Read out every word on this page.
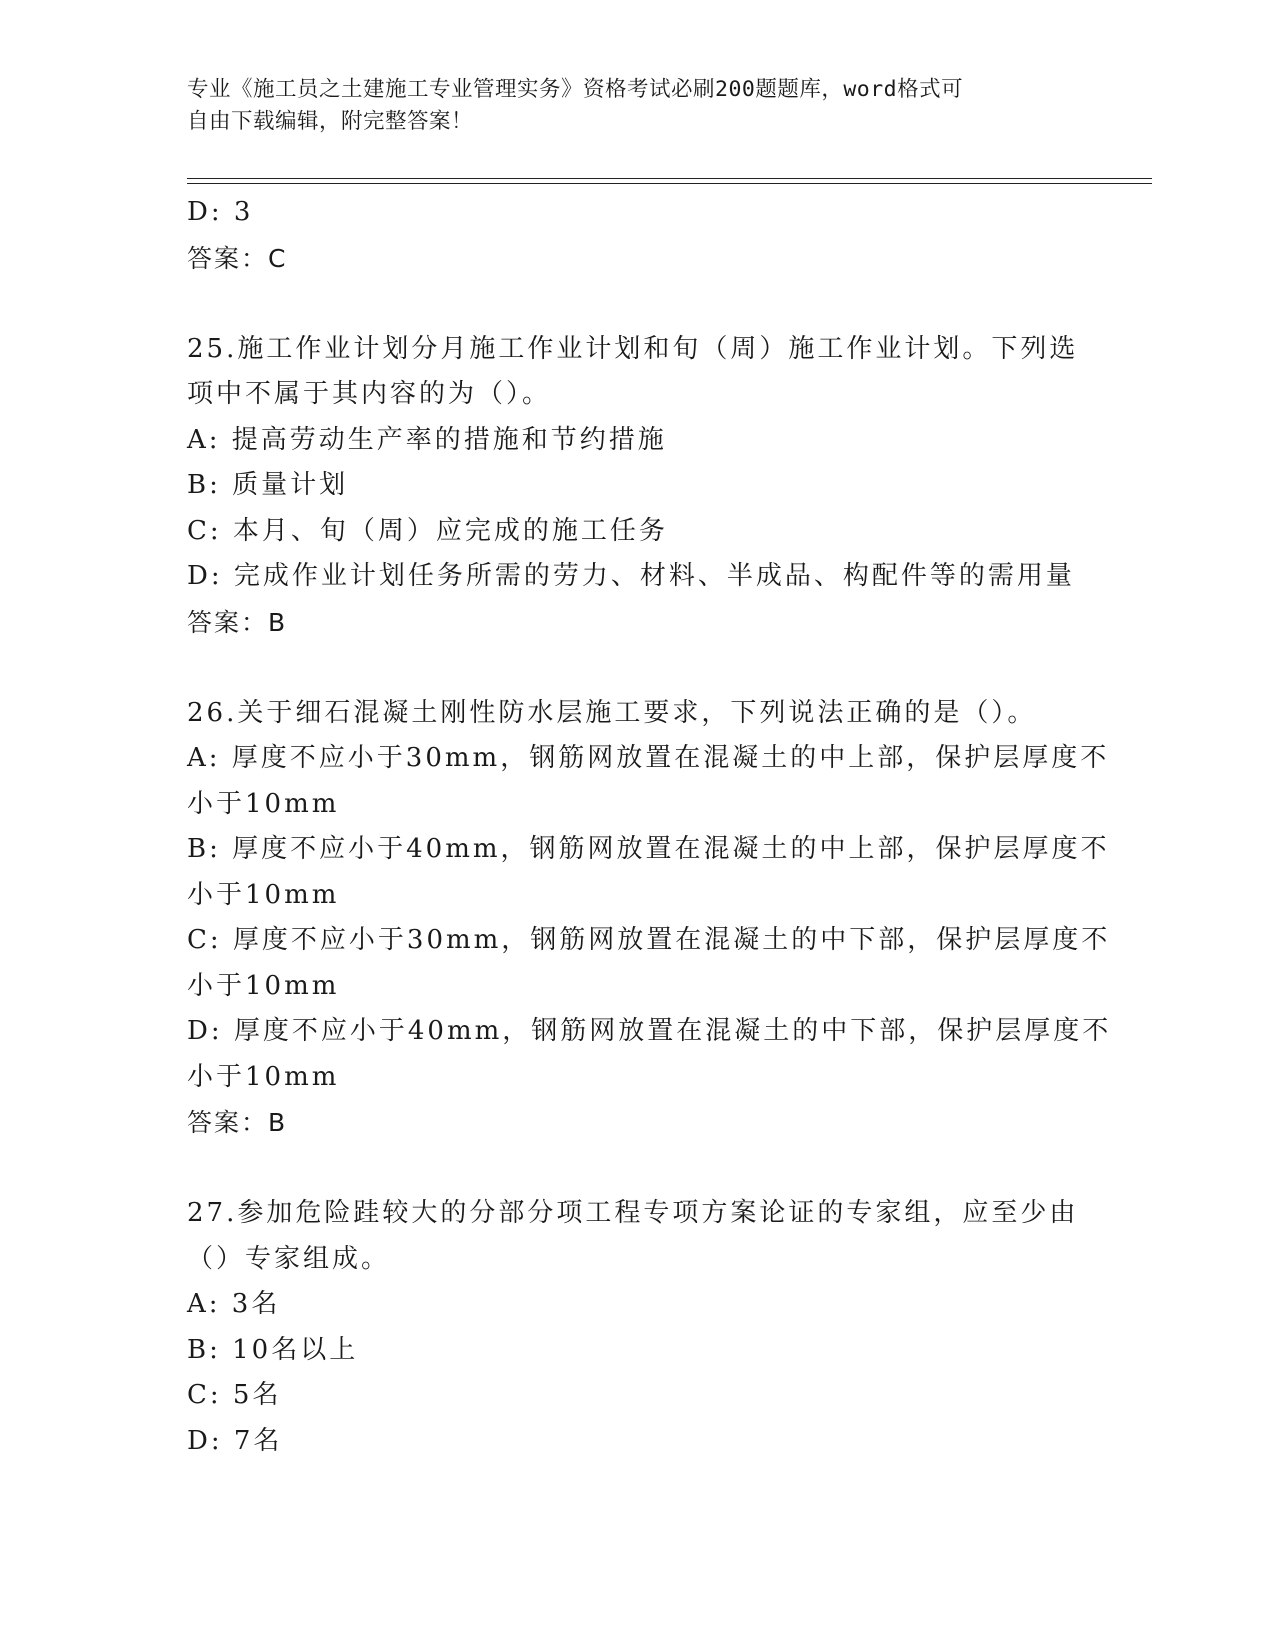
专业《施工员之土建施工专业管理实务》资格考试必刷200题题库，word格式可
自由下载编辑，附完整答案！
D: 3
答案：C
25.施工作业计划分月施工作业计划和旬（周）施工作业计划。下列选
项中不属于其内容的为（）。
A: 提高劳动生产率的措施和节约措施
B: 质量计划
C: 本月、旬（周）应完成的施工任务
D: 完成作业计划任务所需的劳力、材料、半成品、构配件等的需用量
答案：B
26.关于细石混凝土刚性防水层施工要求，下列说法正确的是（）。
A: 厚度不应小于30mm，钢筋网放置在混凝土的中上部，保护层厚度不
小于10mm
B: 厚度不应小于40mm，钢筋网放置在混凝土的中上部，保护层厚度不
小于10mm
C: 厚度不应小于30mm，钢筋网放置在混凝土的中下部，保护层厚度不
小于10mm
D: 厚度不应小于40mm，钢筋网放置在混凝土的中下部，保护层厚度不
小于10mm
答案：B
27.参加危险跬较大的分部分项工程专项方案论证的专家组，应至少由
（）专家组成。
A: 3名
B: 10名以上
C: 5名
D: 7名
